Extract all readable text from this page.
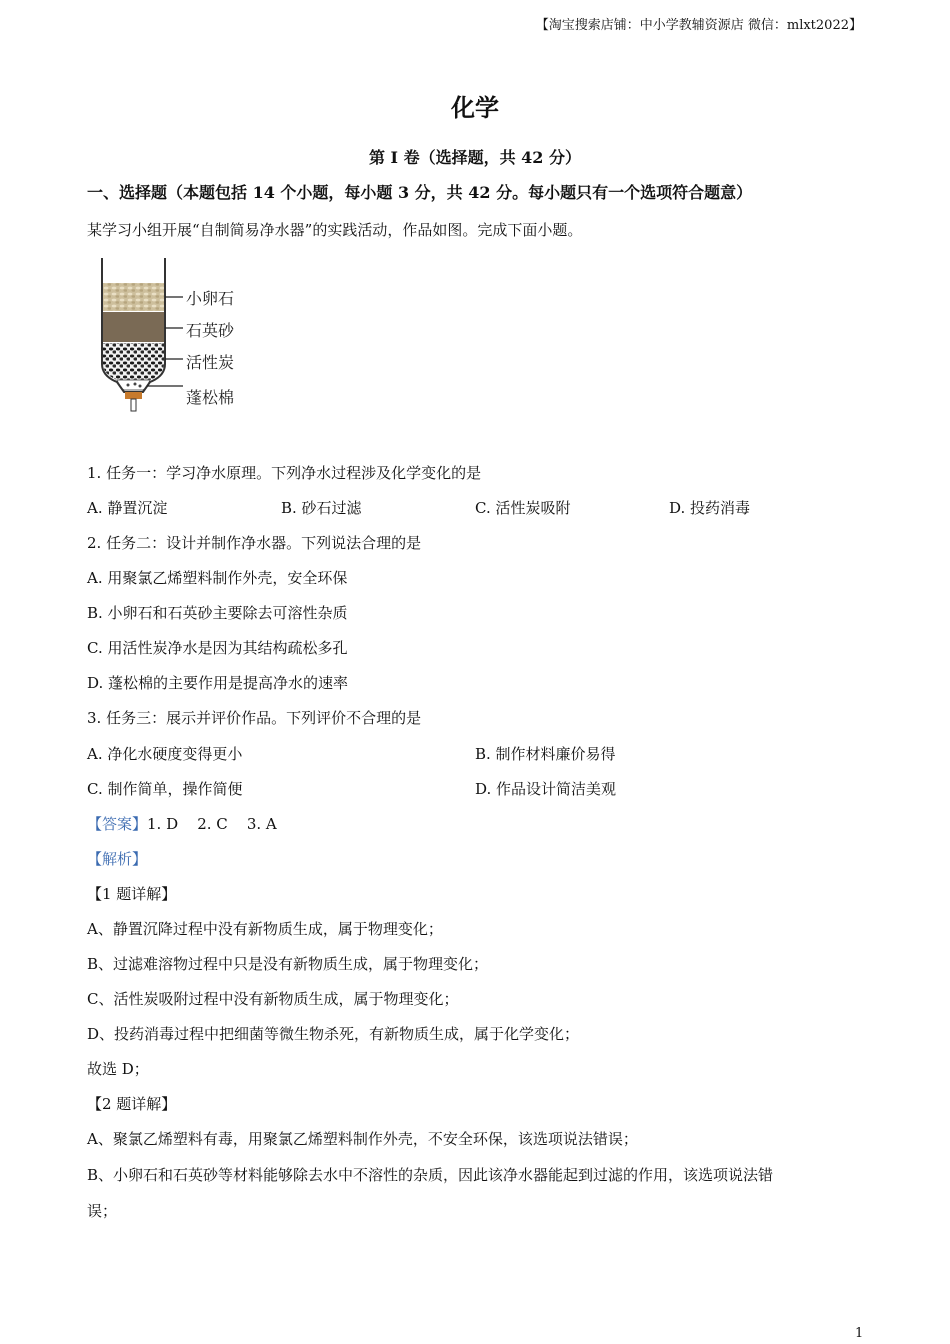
【淘宝搜索店铺：中小学教辅资源店 微信：mlxt2022】
化学
第 I 卷（选择题，共 42 分）
一、选择题（本题包括 14 个小题，每小题 3 分，共 42 分。每小题只有一个选项符合题意）
某学习小组开展“自制简易净水器”的实践活动，作品如图。完成下面小题。
小卵石
石英砂
活性炭
蓬松棉
1. 任务一：学习净水原理。下列净水过程涉及化学变化的是
A. 静置沉淀	B. 砂石过滤	C. 活性炭吸附	D. 投药消毒
2. 任务二：设计并制作净水器。下列说法合理的是
A. 用聚氯乙烯塑料制作外壳，安全环保
B. 小卵石和石英砂主要除去可溶性杂质
C. 用活性炭净水是因为其结构疏松多孔
D. 蓬松棉的主要作用是提高净水的速率
3. 任务三：展示并评价作品。下列评价不合理的是
A. 净化水硬度变得更小	B. 制作材料廉价易得
C. 制作简单，操作简便	D. 作品设计简洁美观
【答案】1. D    2. C    3. A
【解析】
【1 题详解】
A、静置沉降过程中没有新物质生成，属于物理变化；
B、过滤难溶物过程中只是没有新物质生成，属于物理变化；
C、活性炭吸附过程中没有新物质生成，属于物理变化；
D、投药消毒过程中把细菌等微生物杀死，有新物质生成，属于化学变化；
故选 D；
【2 题详解】
A、聚氯乙烯塑料有毒，用聚氯乙烯塑料制作外壳，不安全环保，该选项说法错误；
B、小卵石和石英砂等材料能够除去水中不溶性的杂质，因此该净水器能起到过滤的作用，该选项说法错
误；
1
